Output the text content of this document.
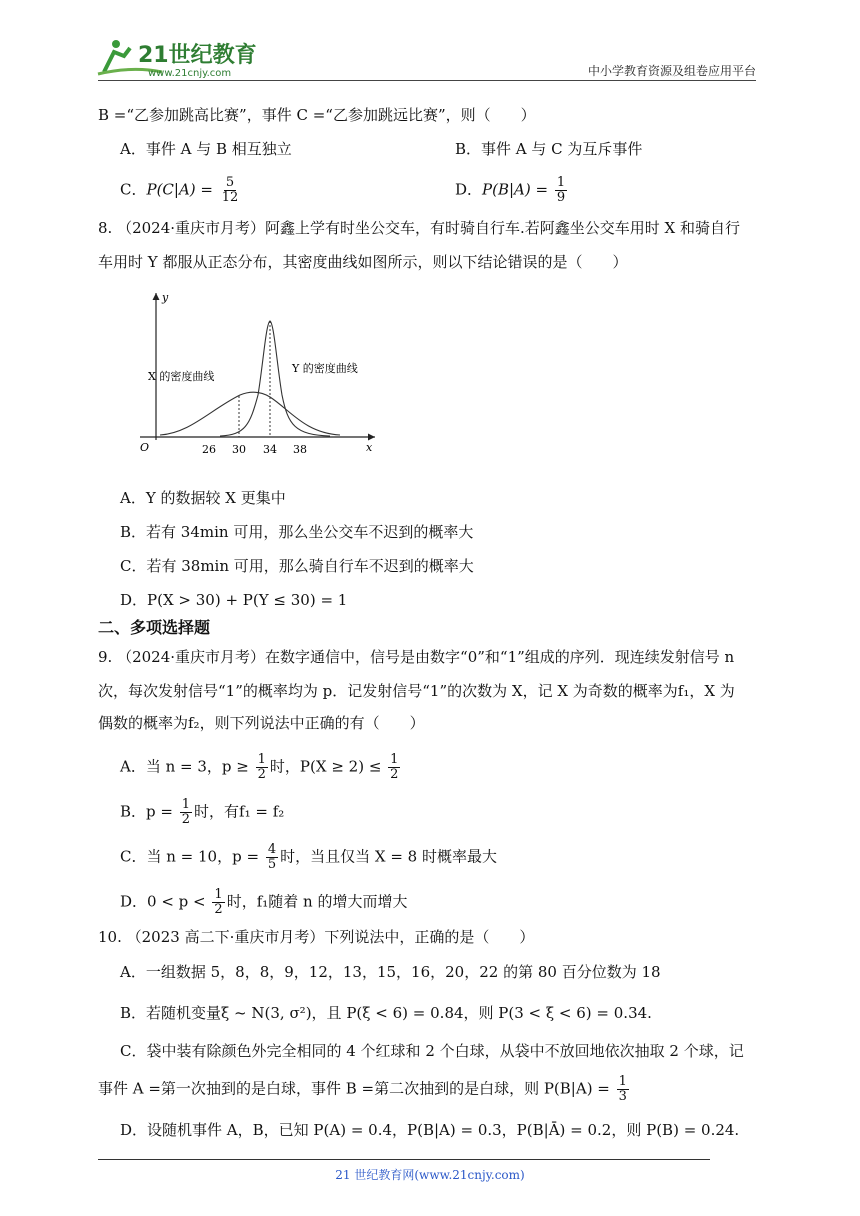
21世纪教育
www.21cnjy.com	中小学教育资源及组卷应用平台
B =“乙参加跳高比赛”，事件 C =“乙参加跳远比赛”，则（　　）
A．事件 A 与 B 相互独立	B．事件 A 与 C 为互斥事件
C．$P(C|A) = \frac{5}{12}$	D．$P(B|A) = \frac{1}{9}$
8. （2024·重庆市月考）阿鑫上学有时坐公交车，有时骑自行车.若阿鑫坐公交车用时 X 和骑自行
车用时 Y 都服从正态分布，其密度曲线如图所示，则以下结论错误的是（　　）
y
x
O
X 的密度曲线
Y 的密度曲线
26 30 34 38
A．Y 的数据较 X 更集中
B．若有 34min 可用，那么坐公交车不迟到的概率大
C．若有 38min 可用，那么骑自行车不迟到的概率大
D．P(X > 30) + P(Y ≤ 30) = 1
二、多项选择题
9. （2024·重庆市月考）在数字通信中，信号是由数字“0”和“1”组成的序列．现连续发射信号 n
次，每次发射信号“1”的概率均为 p．记发射信号“1”的次数为 X，记 X 为奇数的概率为f₁，X 为
偶数的概率为f₂，则下列说法中正确的有（　　）
A．当 n = 3，$p \ge \frac{1}{2}$ 时，$P(X \ge 2) \le \frac{1}{2}$
B．$p = \frac{1}{2}$ 时，有f₁ = f₂
C．当 n = 10，$p = \frac{4}{5}$ 时，当且仅当 X = 8 时概率最大
D．$0 < p < \frac{1}{2}$ 时，f₁随着 n 的增大而增大
10. （2023 高二下·重庆市月考）下列说法中，正确的是（　　）
A．一组数据 5，8，8，9，12，13，15，16，20，22 的第 80 百分位数为 18
B．若随机变量ξ ~ N(3, σ²)，且 P(ξ < 6) = 0.84，则 P(3 < ξ < 6) = 0.34.
C．袋中装有除颜色外完全相同的 4 个红球和 2 个白球，从袋中不放回地依次抽取 2 个球，记
事件 A =第一次抽到的是白球，事件 B =第二次抽到的是白球，则 $P(B|A) = \frac{1}{3}$
D．设随机事件 A，B，已知 P(A) = 0.4，P(B|A) = 0.3，P(B|Ā) = 0.2，则 P(B) = 0.24.
21 世纪教育网(www.21cnjy.com)
